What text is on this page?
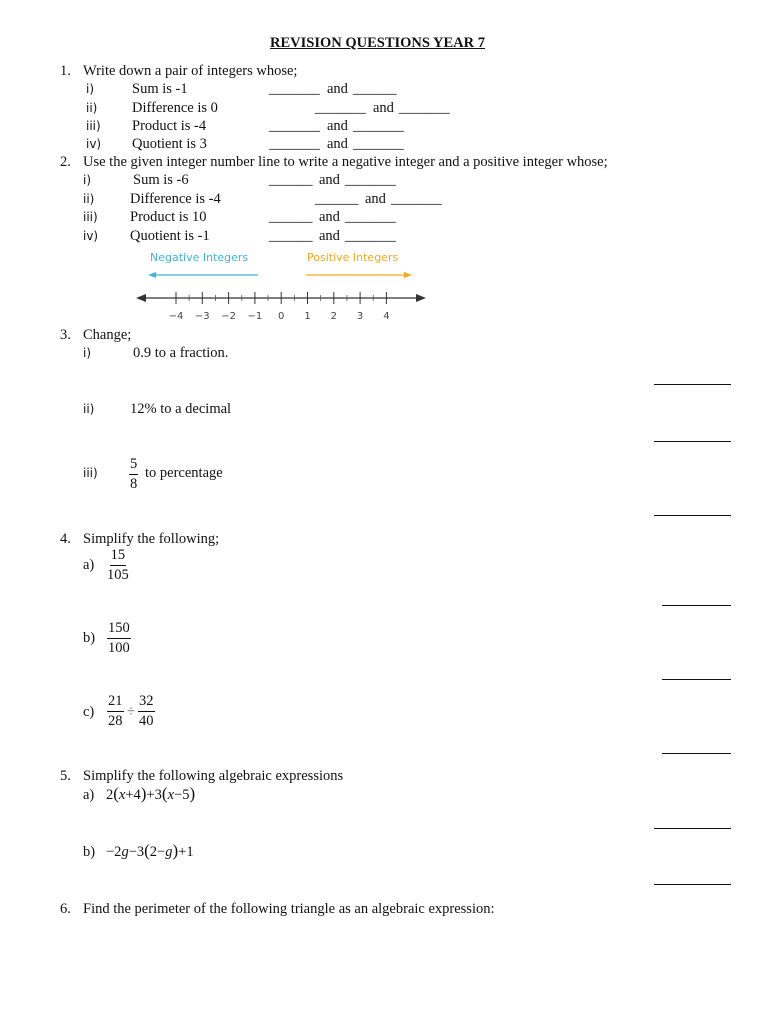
REVISION QUESTIONS YEAR 7
1. Write down a pair of integers whose;
i)	Sum is -1	_______ and ______
ii) Difference is 0	_______ and _______
iii) Product is -4	_______ and _______
iv) Quotient is 3	_______ and _______
2. Use the given integer number line to write a negative integer and a positive integer whose;
i)	Sum is -6	______ and _______
ii) Difference is -4	______ and _______
iii) Product is 10	______ and _______
iv) Quotient is -1	______ and _______
Negative Integers	Positive Integers
−4 −3 −2 −1 0 1 2 3 4
3. Change;
i)	0.9 to a fraction.
ii) 12% to a decimal
$iii) \frac{5}{8}$ to percentage
4. Simplify the following;
$a) \frac{15}{105}$
$b) \frac{150}{100}$
$c) \frac{21}{28} \div \frac{32}{40}$
5. Simplify the following algebraic expressions
a) 2(x+4)+3(x−5)
b) −2g−3(2−g)+1
6. Find the perimeter of the following triangle as an algebraic expression:
